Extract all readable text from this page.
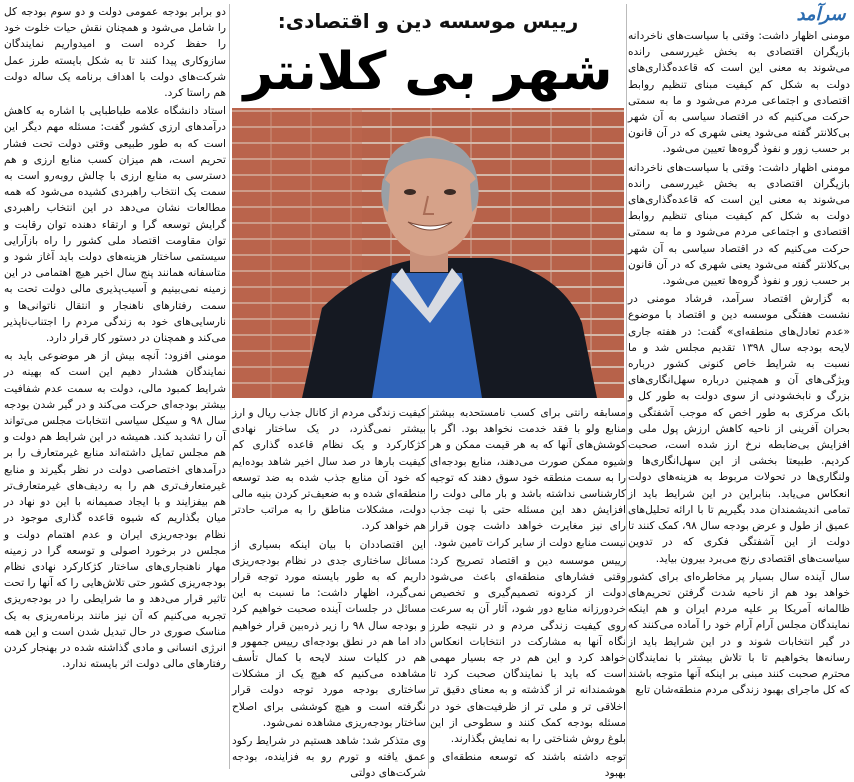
سرآمد

مومنی اظهار داشت: وقتی با سیاست‌های ناخردانه بازیگران اقتصادی به بخش غیررسمی رانده می‌شوند به معنی این است که قاعده‌گذاری‌های دولت به شکل کم کیفیت مبنای تنظیم روابط اقتصادی و اجتماعی مردم می‌شود و ما به سمتی حرکت می‌کنیم که در اقتصاد سیاسی به آن شهر بی‌کلانتر گفته می‌شود یعنی شهری که در آن قانون بر حسب زور و نفوذ گروه‌ها تعیین می‌شود.

مومنی اظهار داشت: وقتی با سیاست‌های ناخردانه بازیگران اقتصادی به بخش غیررسمی رانده می‌شوند به معنی این است که قاعده‌گذاری‌های دولت به شکل کم کیفیت مبنای تنظیم روابط اقتصادی و اجتماعی مردم می‌شود و ما به سمتی حرکت می‌کنیم که در اقتصاد سیاسی به آن شهر بی‌کلانتر گفته می‌شود یعنی شهری که در آن قانون بر حسب زور و نفوذ گروه‌ها تعیین می‌شود.

به گزارش اقتصاد سرآمد، فرشاد مومنی در نشست هفتگی موسسه دین و اقتصاد با موضوع «عدم تعادل‌های منطقه‌ای» گفت: در هفته جاری لایحه بودجه سال ۱۳۹۸ تقدیم مجلس شد و ما نسبت به شرایط خاص کنونی کشور درباره ویژگی‌های آن و همچنین درباره سهل‌انگاری‌های بزرگ و نابخشودنی از سوی دولت به طور کل و بانک مرکزی به طور اخص که موجب آشفتگی و بحران آفرینی از ناحیه کاهش ارزش پول ملی و افزایش بی‌ضابطه نرخ ارز شده است، صحبت کردیم. طبیعتا بخشی از این سهل‌انگاری‌ها و ولنگاری‌ها در تحولات مربوط به هزینه‌های دولت انعکاس می‌یابد. بنابراین در این شرایط باید از تمامی اندیشمندان مدد بگیریم تا با ارائه تحلیل‌های عمیق از طول و عرض بودجه سال ۹۸، کمک کنند تا دولت از این آشفتگی فکری که در تدوین سیاست‌های اقتصادی رنج می‌برد بیرون بیاید.

سال آینده سال بسیار پر مخاطره‌ای برای کشور خواهد بود هم از ناحیه شدت گرفتن تحریم‌های ظالمانه آمریکا بر علیه مردم ایران و هم اینکه نمایندگان مجلس آرام آرام خود را آماده می‌کنند که در گیر انتخابات شوند و در این شرایط باید از رسانه‌ها بخواهیم تا با تلاش بیشتر با نمایندگان محترم صحبت کنند مبنی بر اینکه آنها متوجه باشند که کل ماجرای بهبود زندگی مردم منطقه‌شان تابع

رییس موسسه دین و اقتصادی:
شهر بی کلانتر

مسابقه رانتی برای کسب نامستحدبه بیشتر منابع ولو با فقد خدمت نخواهد بود. اگر با کوشش‌های آنها که به هر قیمت ممکن و هر شیوه ممکن صورت می‌دهند، منابع بودجه‌ای را به سمت منطقه خود سوق دهند که توجیه کارشناسی نداشته باشد و بار مالی دولت را افزایش دهد این مسئله حتی با نیت جذب رای نیز مغایرت خواهد داشت چون قرار نیست منابع دولت از سایر کرات تامین شود.

رییس موسسه دین و اقتصاد تصریح کرد: وقتی فشارهای منطقه‌ای باعث می‌شود دولت از کردونه تصمیم‌گیری و تخصیص خردورزانه منابع دور شود، آثار آن به سرعت روی کیفیت زندگی مردم و در نتیجه طرز نگاه آنها به مشارکت در انتخابات انعکاس خواهد کرد و این هم در جه بسیار مهمی است که باید با نمایندگان صحبت کرد تا هوشمندانه تر از گذشته و به معنای دقیق تر اخلاقی تر و ملی تر از ظرفیت‌های خود در مسئله بودجه کمک کنند و سطوحی از این بلوغ روش شناختی را به نمایش بگذارند.

توجه داشته باشند که توسعه منطقه‌ای و بهبود

کیفیت زندگی مردم از کانال جذب ریال و ارز بیشتر نمی‌گذرد، در یک ساختار نهادی کژکارکرد و یک نظام قاعده گذاری کم کیفیت بارها در صد سال اخیر شاهد بوده‌ایم که خود آن منابع جذب شده به ضد توسعه منطقه‌ای شده و به ضعیف‌تر کردن بنیه مالی دولت، مشکلات مناطق را به مراتب حادتر هم خواهد کرد.

این اقتصاددان با بیان اینکه بسیاری از مسائل ساختاری جدی در نظام بودجه‌ریزی داریم که به طور بایسته مورد توجه قرار نمی‌گیرد، اظهار داشت: ما نسبت به این مسائل در جلسات آینده صحبت خواهیم کرد و بودجه سال ۹۸ را زیر ذره‌بین قرار خواهیم داد اما هم در نطق بودجه‌ای رییس جمهور و هم در کلیات سند لایحه با کمال تأسف مشاهده می‌کنیم که هیچ یک از مشکلات ساختاری بودجه مورد توجه دولت قرار نگرفته است و هیچ کوششی برای اصلاح ساختار بودجه‌ریزی مشاهده نمی‌شود.

وی متذکر شد: شاهد هستیم در شرایط رکود عمق یافته و تورم رو به فزاینده، بودجه شرکت‌های دولتی

دو برابر بودجه عمومی دولت و دو سوم بودجه کل را شامل می‌شود و همچنان نقش حیات خلوت خود را حفظ کرده است و امیدواریم نمایندگان سازوکاری پیدا کنند تا به شکل بایسته طرز عمل شرکت‌های دولت با اهداف برنامه یک ساله دولت هم راستا کرد.

استاد دانشگاه علامه طباطبایی با اشاره به کاهش درآمدهای ارزی کشور گفت: مسئله مهم دیگر این است که به طور طبیعی وقتی دولت تحت فشار تحریم است، هم میزان کسب منابع ارزی و هم دسترسی به منابع ارزی با چالش روبه‌رو است به سمت یک انتخاب راهبردی کشیده می‌شود که همه مطالعات نشان می‌دهد در این انتخاب راهبردی گرایش توسعه گرا و ارتقاء دهنده توان رقابت و توان مقاومت اقتصاد ملی کشور را راه بازآرایی سیستمی ساختار هزینه‌های دولت باید آغاز شود و متاسفانه همانند پنج سال اخیر هیچ اهتمامی در این زمینه نمی‌بینیم و آسیب‌پذیری مالی دولت تحت به سمت رفتارهای ناهنجار و انتقال ناتوانی‌ها و نارسایی‌های خود به زندگی مردم را اجتناب‌ناپذیر می‌کند و همچنان در دستور کار قرار دارد.

مومنی افزود: آنچه بیش از هر موضوعی باید به نمایندگان هشدار دهیم این است که بهینه در شرایط کمبود مالی، دولت به سمت عدم شفافیت بیشتر بودجه‌ای حرکت می‌کند و در گیر شدن بودجه سال ۹۸ و سیکل سیاسی انتخابات مجلس می‌تواند آن را تشدید کند. همیشه در این شرایط هم دولت و هم مجلس تمایل داشته‌اند منابع غیرمتعارف را بر درآمدهای اختصاصی دولت در نظر بگیرند و منابع غیرمتعارف‌تری هم را به ردیف‌های غیرمتعارف‌تر هم بیفزایند و با ایجاد صمیمانه با این دو نهاد در میان بگذاریم که شیوه قاعده گذاری موجود در نظام بودجه‌ریزی ایران و عدم اهتمام دولت و مجلس در برخورد اصولی و توسعه گرا در زمینه مهار ناهنجاری‌های ساختار کژکارکرد نهادی نظام بودجه‌ریزی کشور حتی تلاش‌هایی را که آنها را تحت تاثیر قرار می‌دهد و ما شرایطی را در بودجه‌ریزی تجربه می‌کنیم که آن نیز مانند برنامه‌ریزی به یک مناسک صوری در حال تبدیل شدن است و این همه انرژی انسانی و مادی گذاشته شده در بهنجار کردن رفتارهای مالی دولت اثر بایسته ندارد.
